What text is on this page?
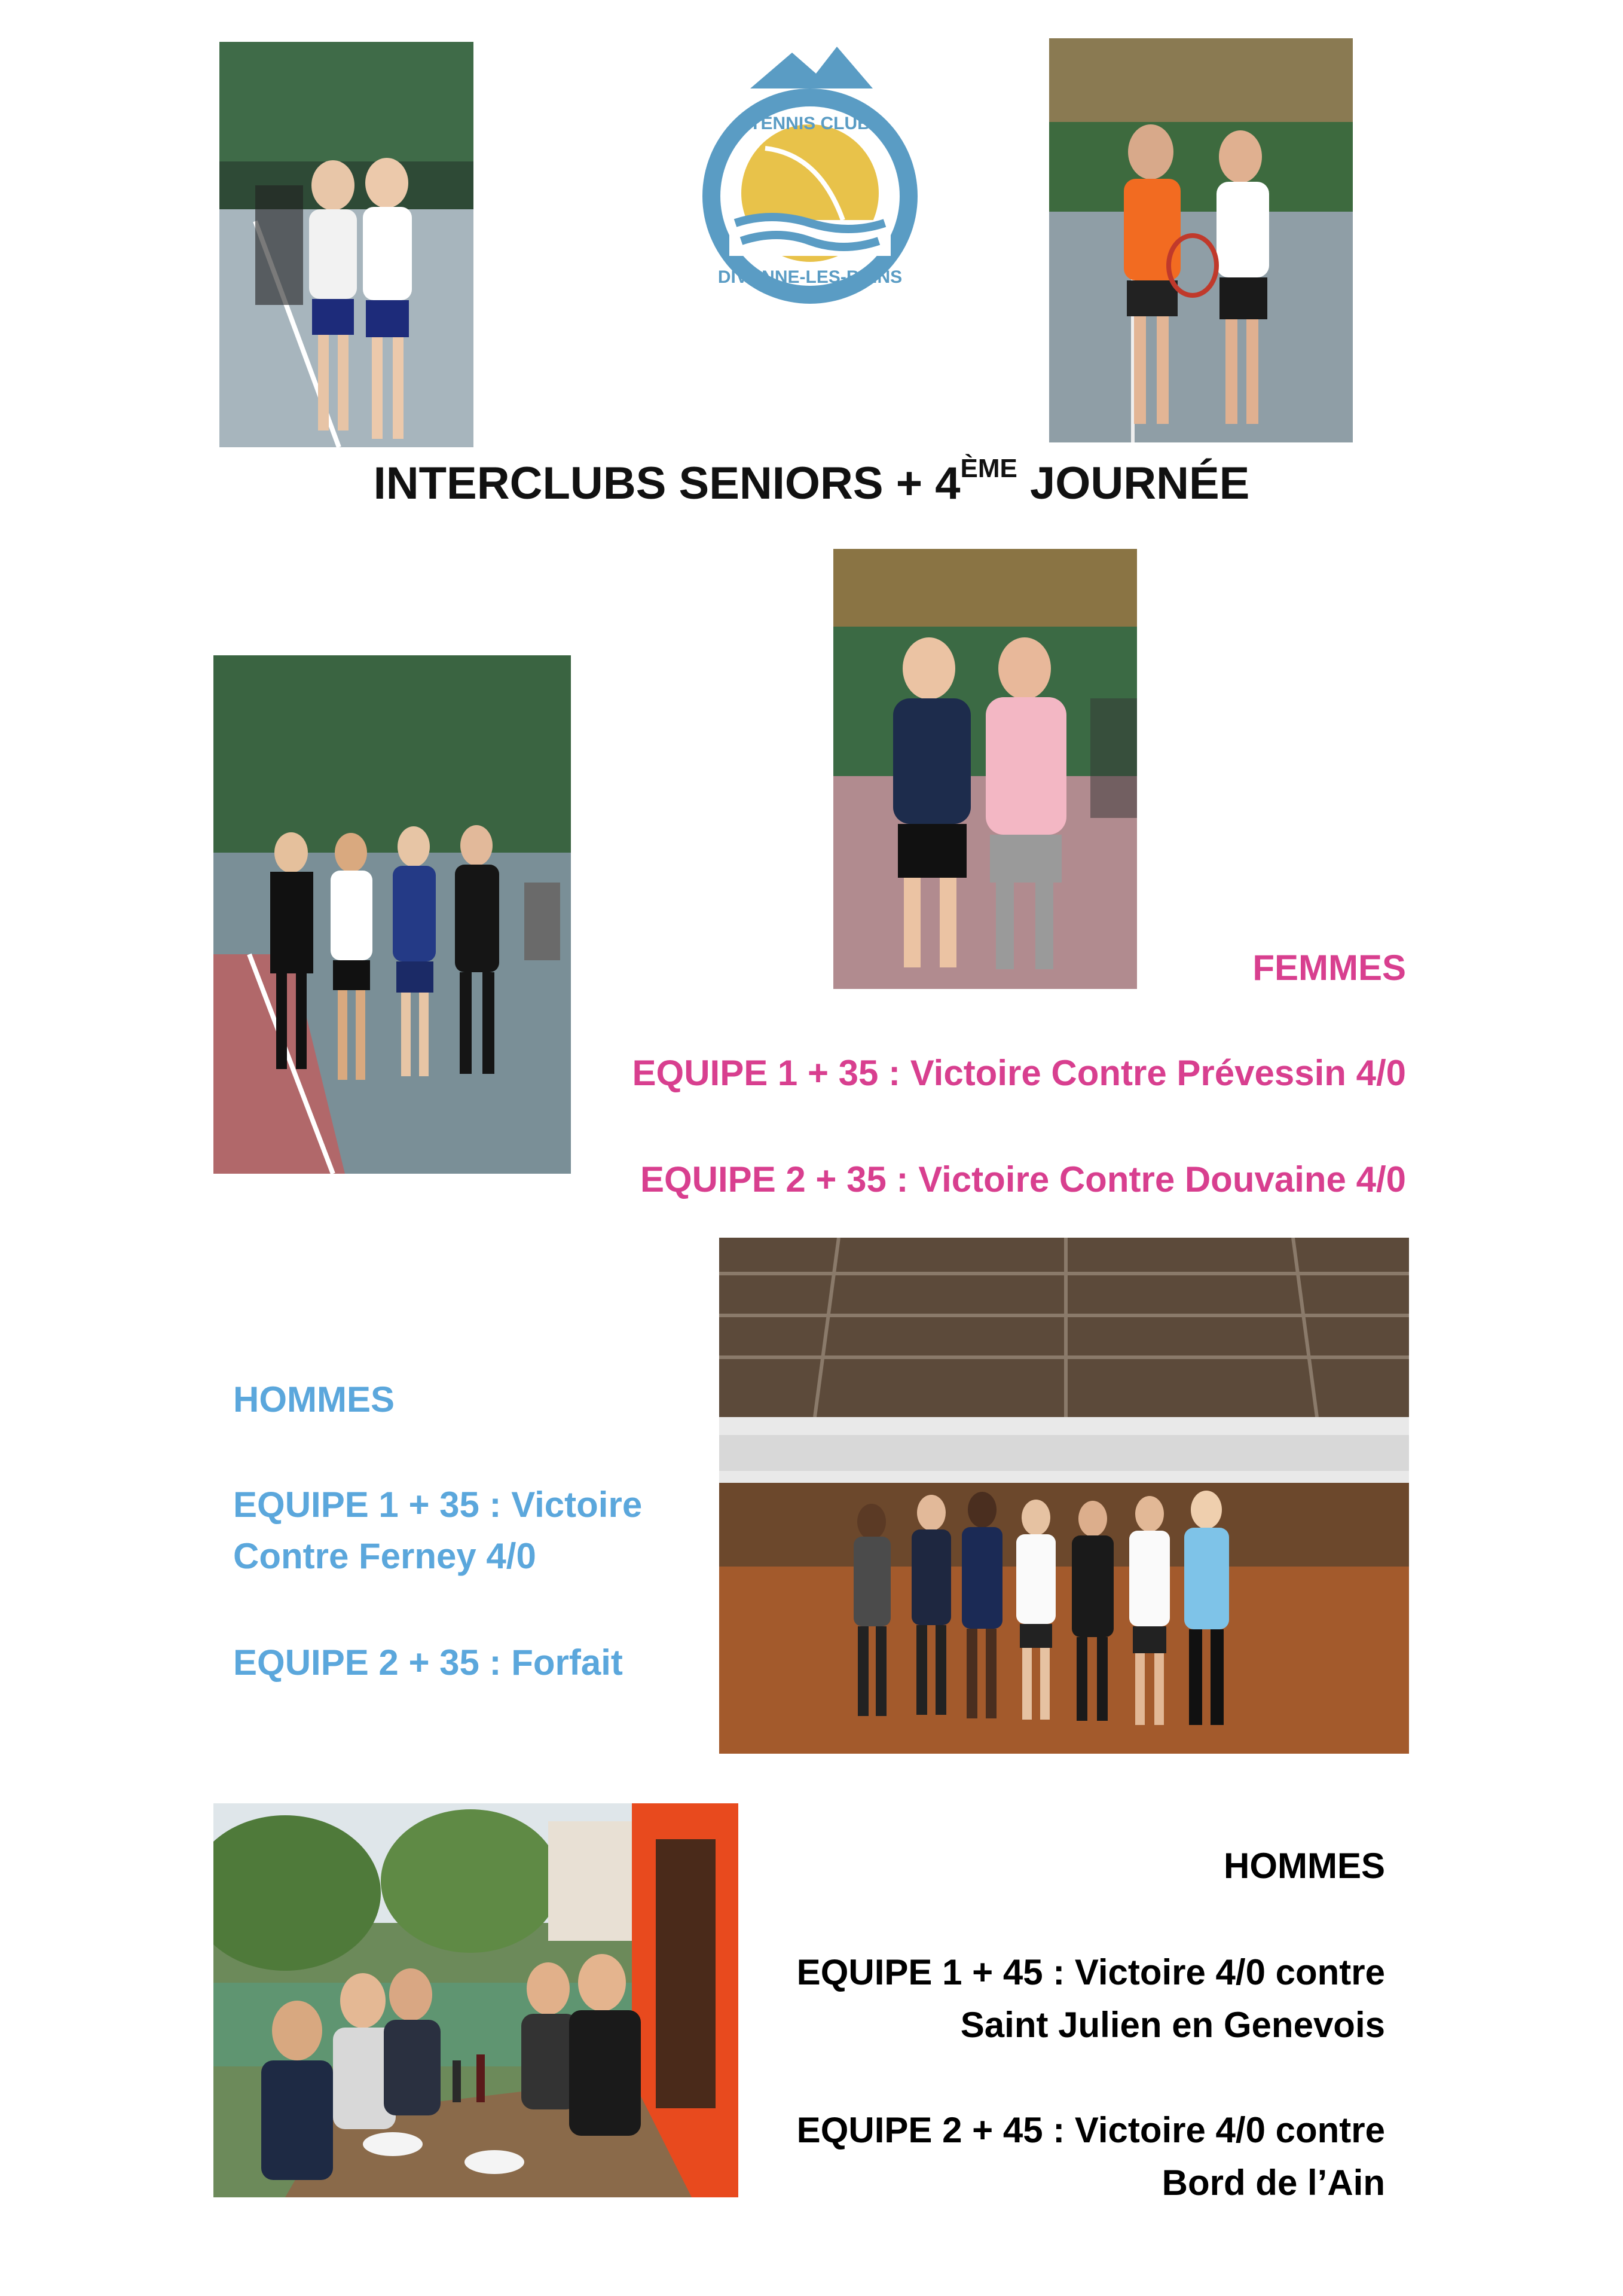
TENNIS CLUB
DIVONNE-LES-BAINS
INTERCLUBS SENIORS + 4ÈME JOURNÉE
FEMMES
EQUIPE 1 + 35 : Victoire Contre Prévessin 4/0
EQUIPE 2 + 35 : Victoire Contre Douvaine 4/0
HOMMES
EQUIPE 1 + 35 : Victoire
Contre Ferney 4/0
EQUIPE 2 + 35 : Forfait
HOMMES
EQUIPE 1 + 45 : Victoire 4/0 contre
Saint Julien en Genevois
EQUIPE 2 + 45 : Victoire 4/0 contre
Bord de l’Ain
